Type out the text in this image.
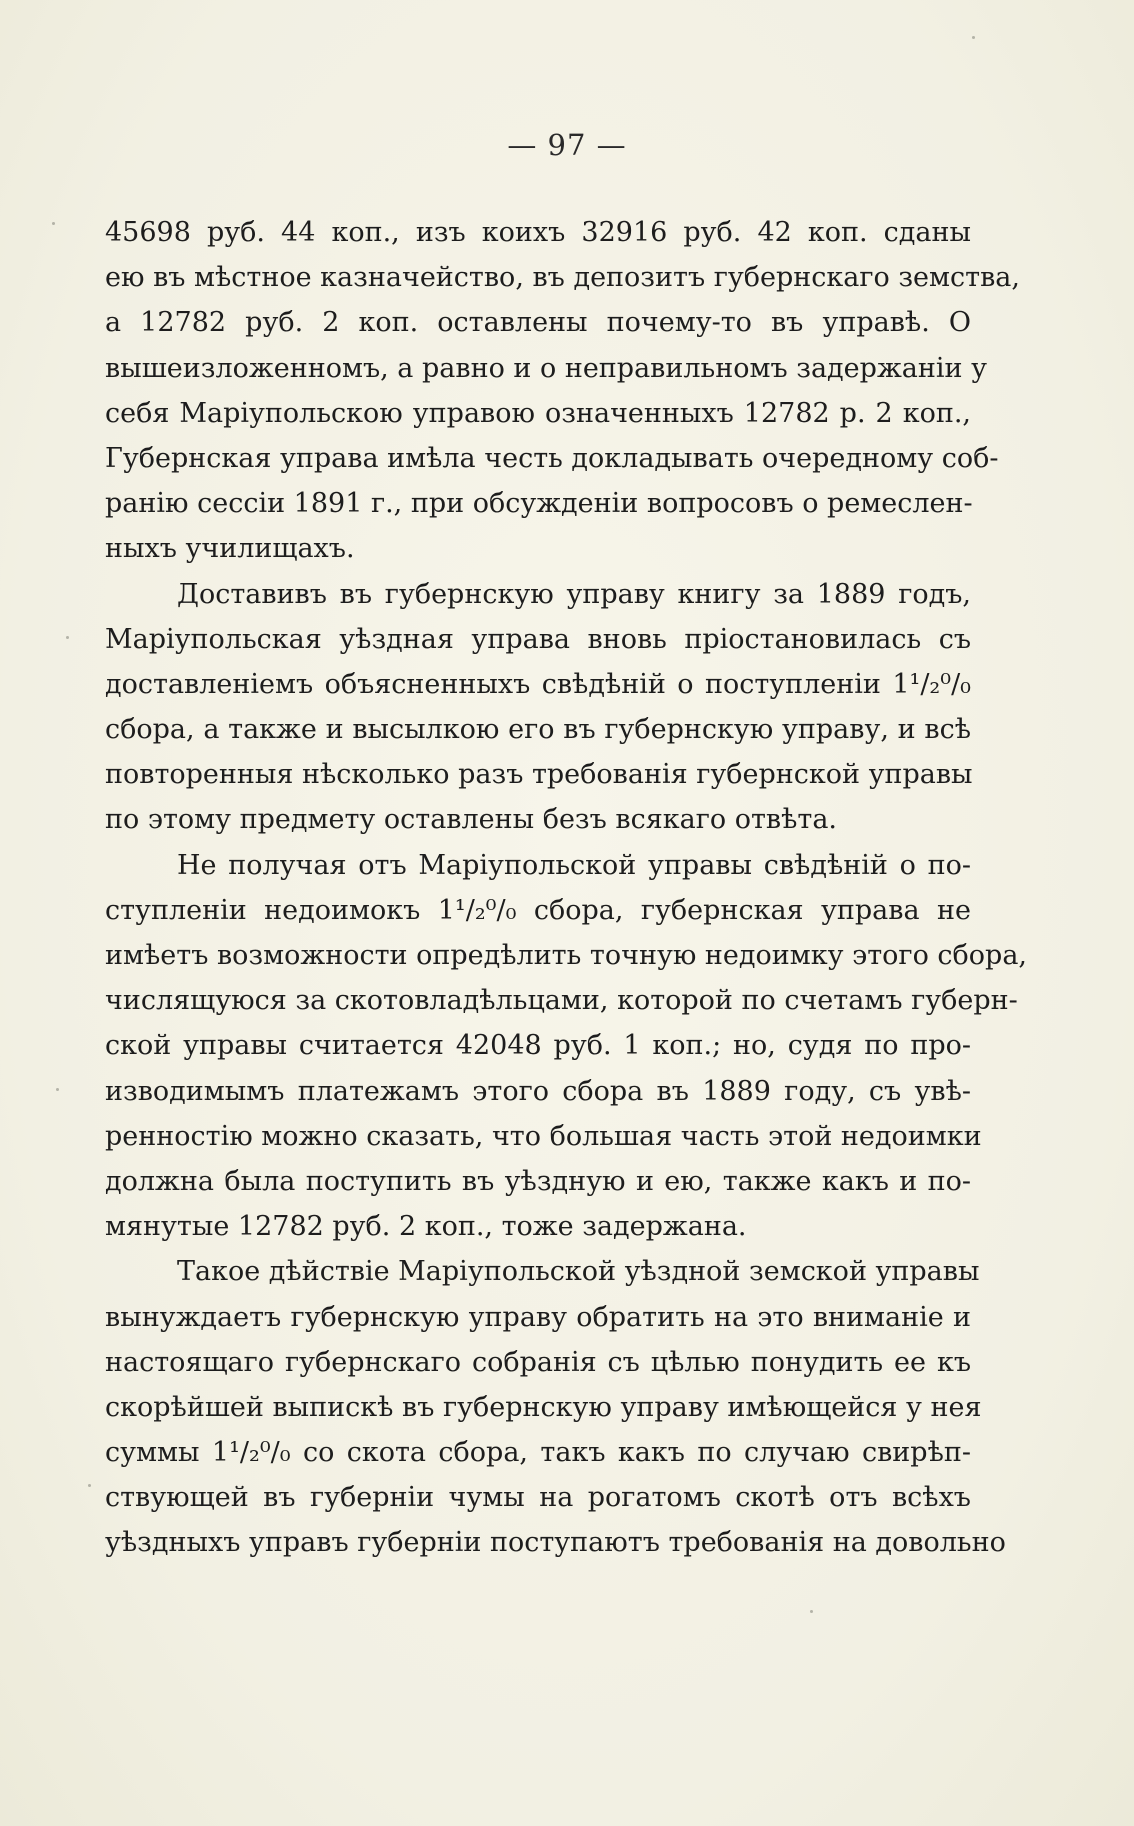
— 97 —
45698 руб. 44 коп., изъ коихъ 32916 руб. 42 коп. сданы
ею въ мѣстное казначейство, въ депозитъ губернскаго земства,
а 12782 руб. 2 коп. оставлены почему-то въ управѣ. О
вышеизложенномъ, а равно и о неправильномъ задержаніи у
себя Маріупольскою управою означенныхъ 12782 р. 2 коп.,
Губернская управа имѣла честь докладывать очередному соб-
ранію сессіи 1891 г., при обсужденіи вопросовъ о ремеслен-
ныхъ училищахъ.
Доставивъ въ губернскую управу книгу за 1889 годъ,
Маріупольская уѣздная управа вновь пріостановилась съ
доставленіемъ объясненныхъ свѣдѣній о поступленіи 1¹/₂⁰/₀
сбора, а также и высылкою его въ губернскую управу, и всѣ
повторенныя нѣсколько разъ требованія губернской управы
по этому предмету оставлены безъ всякаго отвѣта.
Не получая отъ Маріупольской управы свѣдѣній о по-
ступленіи недоимокъ 1¹/₂⁰/₀ сбора, губернская управа не
имѣетъ возможности опредѣлить точную недоимку этого сбора,
числящуюся за скотовладѣльцами, которой по счетамъ губерн-
ской управы считается 42048 руб. 1 коп.; но, судя по про-
изводимымъ платежамъ этого сбора въ 1889 году, съ увѣ-
ренностію можно сказать, что большая часть этой недоимки
должна была поступить въ уѣздную и ею, также какъ и по-
мянутые 12782 руб. 2 коп., тоже задержана.
Такое дѣйствіе Маріупольской уѣздной земской управы
вынуждаетъ губернскую управу обратить на это вниманіе и
настоящаго губернскаго собранія съ цѣлью понудить ее къ
скорѣйшей выпискѣ въ губернскую управу имѣющейся у нея
суммы 1¹/₂⁰/₀ со скота сбора, такъ какъ по случаю свирѣп-
ствующей въ губерніи чумы на рогатомъ скотѣ отъ всѣхъ
уѣздныхъ управъ губерніи поступаютъ требованія на довольно
